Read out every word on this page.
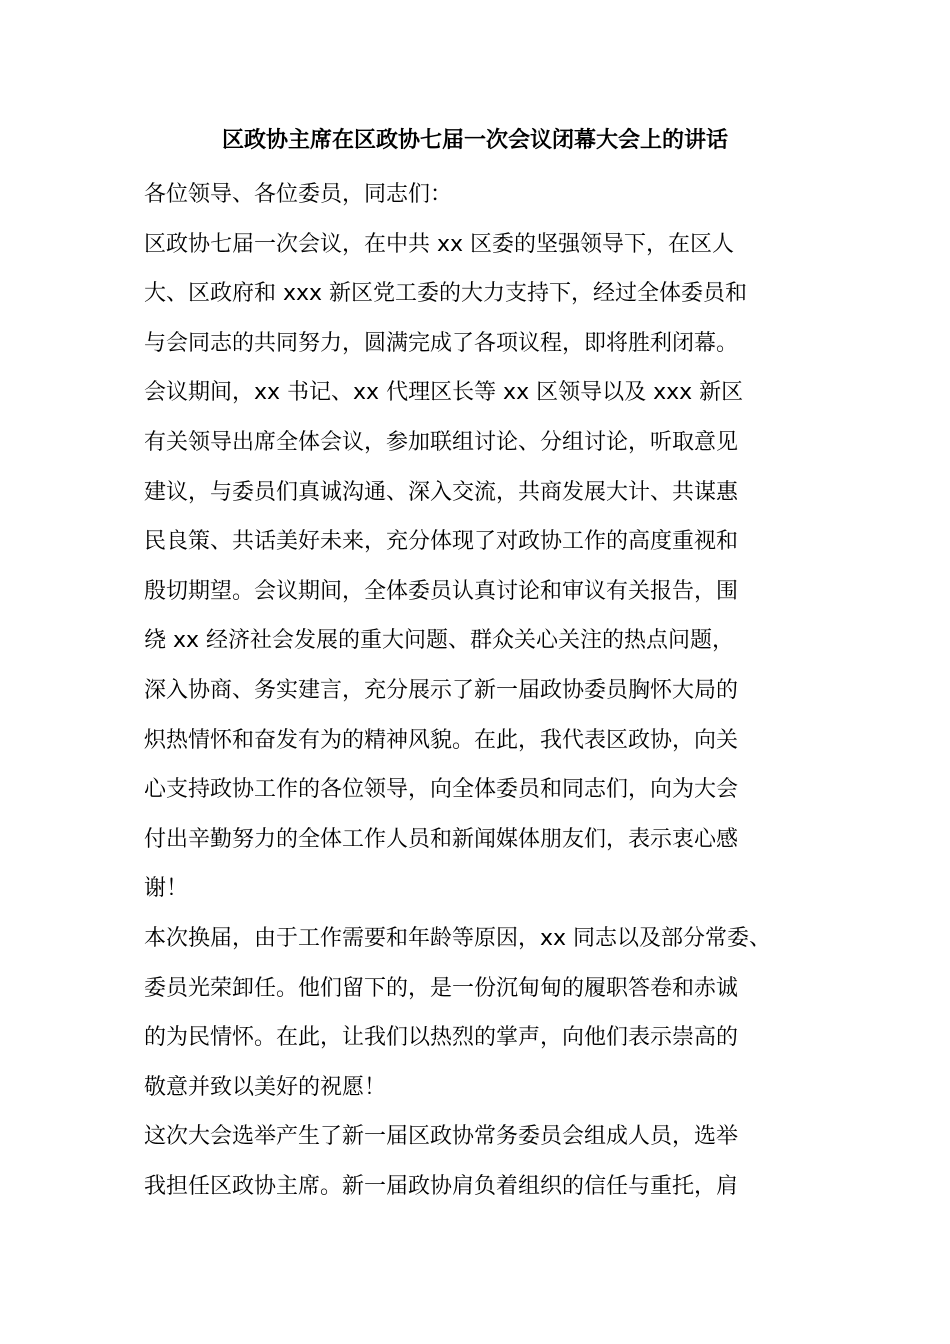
区政协主席在区政协七届一次会议闭幕大会上的讲话

各位领导、各位委员，同志们：

区政协七届一次会议，在中共 xx 区委的坚强领导下，在区人
大、区政府和 xxx 新区党工委的大力支持下，经过全体委员和
与会同志的共同努力，圆满完成了各项议程，即将胜利闭幕。

会议期间，xx 书记、xx 代理区长等 xx 区领导以及 xxx 新区
有关领导出席全体会议，参加联组讨论、分组讨论，听取意见
建议，与委员们真诚沟通、深入交流，共商发展大计、共谋惠
民良策、共话美好未来，充分体现了对政协工作的高度重视和
殷切期望。会议期间，全体委员认真讨论和审议有关报告，围
绕 xx 经济社会发展的重大问题、群众关心关注的热点问题，
深入协商、务实建言，充分展示了新一届政协委员胸怀大局的
炽热情怀和奋发有为的精神风貌。在此，我代表区政协，向关
心支持政协工作的各位领导，向全体委员和同志们，向为大会
付出辛勤努力的全体工作人员和新闻媒体朋友们，表示衷心感
谢！

本次换届，由于工作需要和年龄等原因，xx 同志以及部分常委、
委员光荣卸任。他们留下的，是一份沉甸甸的履职答卷和赤诚
的为民情怀。在此，让我们以热烈的掌声，向他们表示崇高的
敬意并致以美好的祝愿！

这次大会选举产生了新一届区政协常务委员会组成人员，选举
我担任区政协主席。新一届政协肩负着组织的信任与重托，肩
